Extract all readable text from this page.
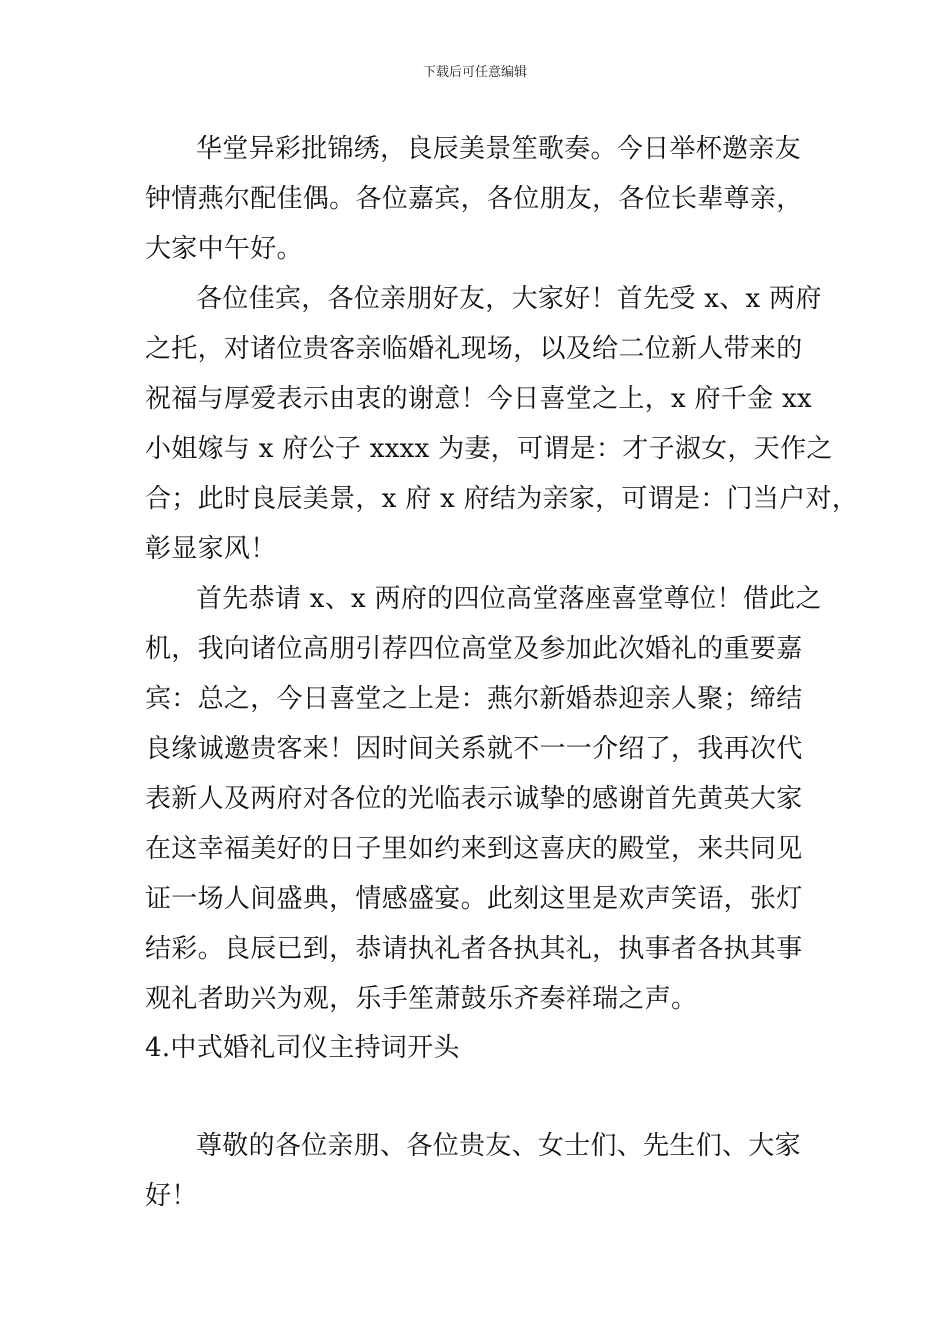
下载后可任意编辑
华堂异彩批锦绣，良辰美景笙歌奏。今日举杯邀亲友
钟情燕尔配佳偶。各位嘉宾，各位朋友，各位长辈尊亲，
大家中午好。
各位佳宾，各位亲朋好友，大家好！首先受 x、x 两府
之托，对诸位贵客亲临婚礼现场，以及给二位新人带来的
祝福与厚爱表示由衷的谢意！今日喜堂之上，x 府千金 xx
小姐嫁与 x 府公子 xxxx 为妻，可谓是：才子淑女，天作之
合；此时良辰美景，x 府 x 府结为亲家，可谓是：门当户对，
彰显家风！
首先恭请 x、x 两府的四位高堂落座喜堂尊位！借此之
机，我向诸位高朋引荐四位高堂及参加此次婚礼的重要嘉
宾：总之，今日喜堂之上是：燕尔新婚恭迎亲人聚；缔结
良缘诚邀贵客来！因时间关系就不一一介绍了，我再次代
表新人及两府对各位的光临表示诚挚的感谢首先黄英大家
在这幸福美好的日子里如约来到这喜庆的殿堂，来共同见
证一场人间盛典，情感盛宴。此刻这里是欢声笑语，张灯
结彩。良辰已到，恭请执礼者各执其礼，执事者各执其事
观礼者助兴为观，乐手笙萧鼓乐齐奏祥瑞之声。
4.中式婚礼司仪主持词开头
尊敬的各位亲朋、各位贵友、女士们、先生们、大家
好！
